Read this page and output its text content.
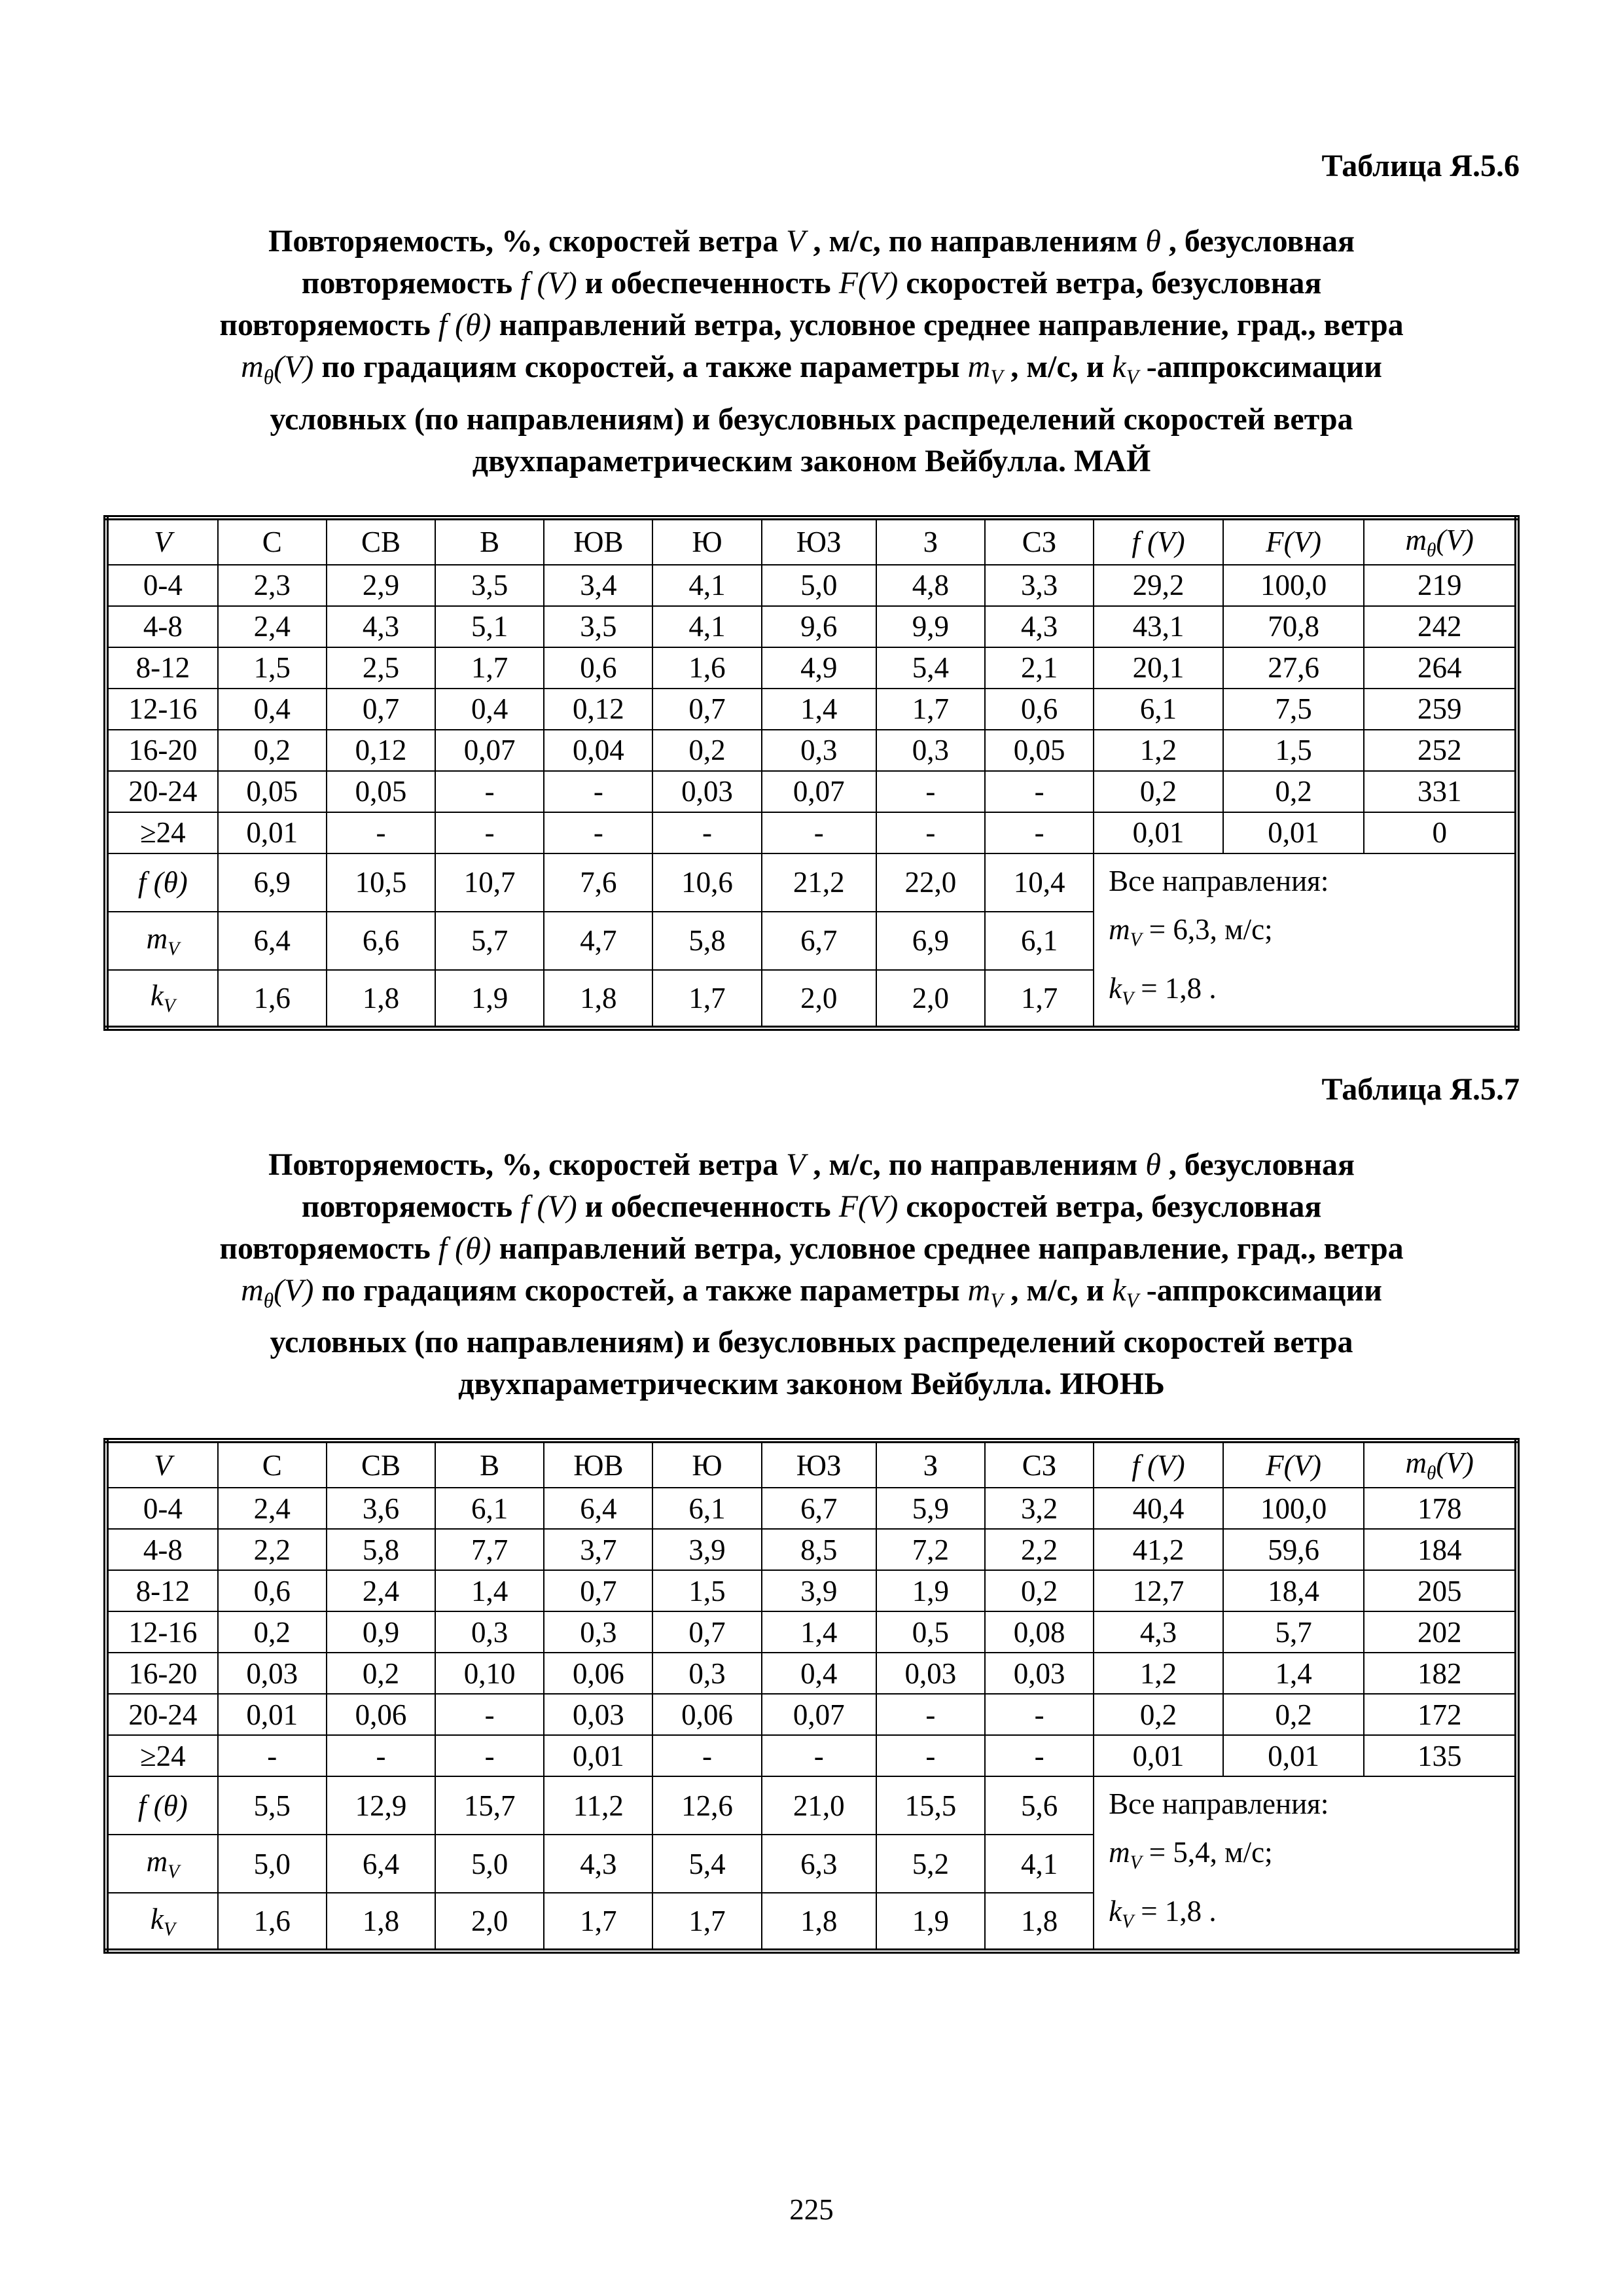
Таблица Я.5.6
Повторяемость, %, скоростей ветра V , м/с, по направлениям θ , безусловная
повторяемость f (V) и обеспеченность F(V) скоростей ветра, безусловная
повторяемость f (θ) направлений ветра, условное среднее направление, град., ветра
$m_\theta(V)$ по градациям скоростей, а также параметры $m_V$ , м/с, и $k_V$ -аппроксимации
условных (по направлениям) и безусловных распределений скоростей ветра
двухпараметрическим законом Вейбулла. МАЙ
V	С	СВ	В	ЮВ	Ю	ЮЗ	З	СЗ	f (V)	F(V)	$m_\theta(V)$
0-4	2,3	2,9	3,5	3,4	4,1	5,0	4,8	3,3	29,2	100,0	219
4-8	2,4	4,3	5,1	3,5	4,1	9,6	9,9	4,3	43,1	70,8	242
8-12	1,5	2,5	1,7	0,6	1,6	4,9	5,4	2,1	20,1	27,6	264
12-16	0,4	0,7	0,4	0,12	0,7	1,4	1,7	0,6	6,1	7,5	259
16-20	0,2	0,12	0,07	0,04	0,2	0,3	0,3	0,05	1,2	1,5	252
20-24	0,05	0,05	-	-	0,03	0,07	-	-	0,2	0,2	331
≥24	0,01	-	-	-	-	-	-	-	0,01	0,01	0
f (θ)	6,9	10,5	10,7	7,6	10,6	21,2	22,0	10,4	Все направления:
$m_V = 6,3$, м/с;
$k_V = 1,8$ .		

$m_V$	6,4	6,6	5,7	4,7	5,8	6,7	6,9	6,1			
$k_V$	1,6	1,8	1,9	1,8	1,7	2,0	2,0	1,7			
Таблица Я.5.7
Повторяемость, %, скоростей ветра V , м/с, по направлениям θ , безусловная
повторяемость f (V) и обеспеченность F(V) скоростей ветра, безусловная
повторяемость f (θ) направлений ветра, условное среднее направление, град., ветра
$m_\theta(V)$ по градациям скоростей, а также параметры $m_V$ , м/с, и $k_V$ -аппроксимации
условных (по направлениям) и безусловных распределений скоростей ветра
двухпараметрическим законом Вейбулла. ИЮНЬ
V	С	СВ	В	ЮВ	Ю	ЮЗ	З	СЗ	f (V)	F(V)	$m_\theta(V)$
0-4	2,4	3,6	6,1	6,4	6,1	6,7	5,9	3,2	40,4	100,0	178
4-8	2,2	5,8	7,7	3,7	3,9	8,5	7,2	2,2	41,2	59,6	184
8-12	0,6	2,4	1,4	0,7	1,5	3,9	1,9	0,2	12,7	18,4	205
12-16	0,2	0,9	0,3	0,3	0,7	1,4	0,5	0,08	4,3	5,7	202
16-20	0,03	0,2	0,10	0,06	0,3	0,4	0,03	0,03	1,2	1,4	182
20-24	0,01	0,06	-	0,03	0,06	0,07	-	-	0,2	0,2	172
≥24	-	-	-	0,01	-	-	-	-	0,01	0,01	135
f (θ)	5,5	12,9	15,7	11,2	12,6	21,0	15,5	5,6	Все направления:
$m_V = 5,4$, м/с;
$k_V = 1,8$ .		

$m_V$	5,0	6,4	5,0	4,3	5,4	6,3	5,2	4,1			
$k_V$	1,6	1,8	2,0	1,7	1,7	1,8	1,9	1,8			
225
